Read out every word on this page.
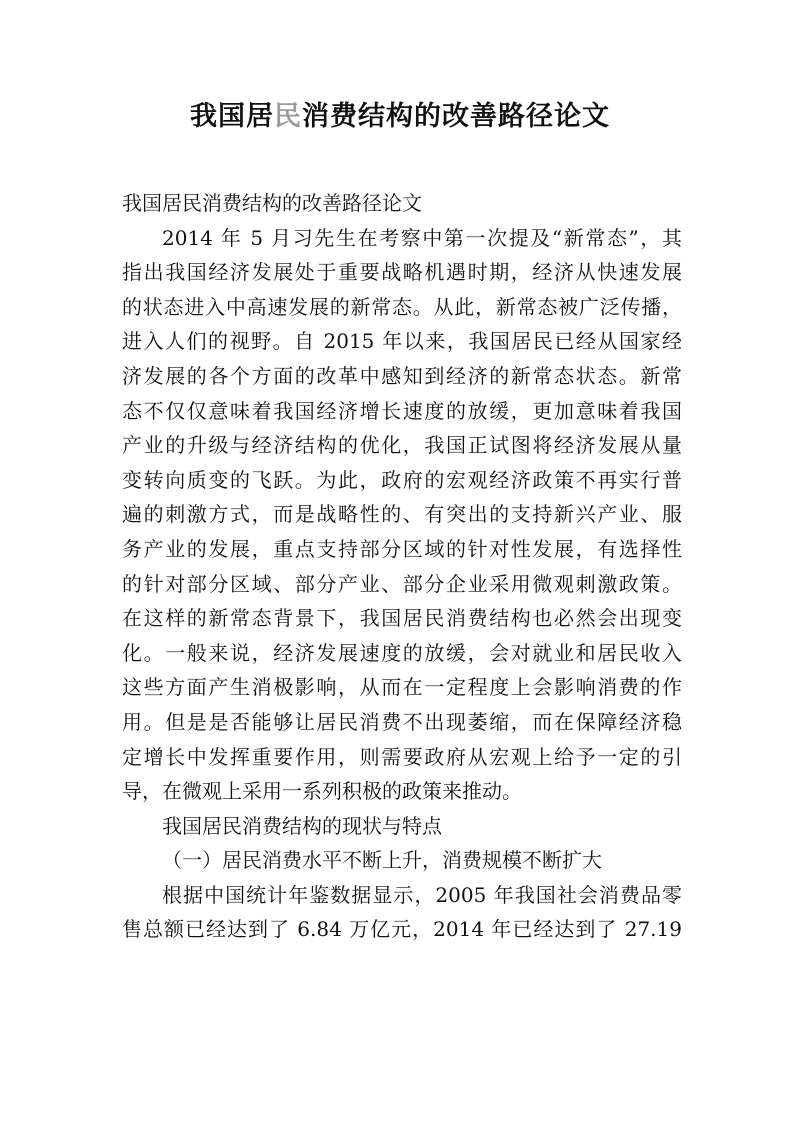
我国居民消费结构的改善路径论文
我国居民消费结构的改善路径论文
2014 年 5 月习先生在考察中第一次提及“新常态”，其
指出我国经济发展处于重要战略机遇时期，经济从快速发展
的状态进入中高速发展的新常态。从此，新常态被广泛传播，
进入人们的视野。自 2015 年以来，我国居民已经从国家经
济发展的各个方面的改革中感知到经济的新常态状态。新常
态不仅仅意味着我国经济增长速度的放缓，更加意味着我国
产业的升级与经济结构的优化，我国正试图将经济发展从量
变转向质变的飞跃。为此，政府的宏观经济政策不再实行普
遍的刺激方式，而是战略性的、有突出的支持新兴产业、服
务产业的发展，重点支持部分区域的针对性发展，有选择性
的针对部分区域、部分产业、部分企业采用微观刺激政策。
在这样的新常态背景下，我国居民消费结构也必然会出现变
化。一般来说，经济发展速度的放缓，会对就业和居民收入
这些方面产生消极影响，从而在一定程度上会影响消费的作
用。但是是否能够让居民消费不出现萎缩，而在保障经济稳
定增长中发挥重要作用，则需要政府从宏观上给予一定的引
导，在微观上采用一系列积极的政策来推动。
我国居民消费结构的现状与特点
（一）居民消费水平不断上升，消费规模不断扩大
根据中国统计年鉴数据显示，2005 年我国社会消费品零
售总额已经达到了 6.84 万亿元，2014 年已经达到了 27.19
